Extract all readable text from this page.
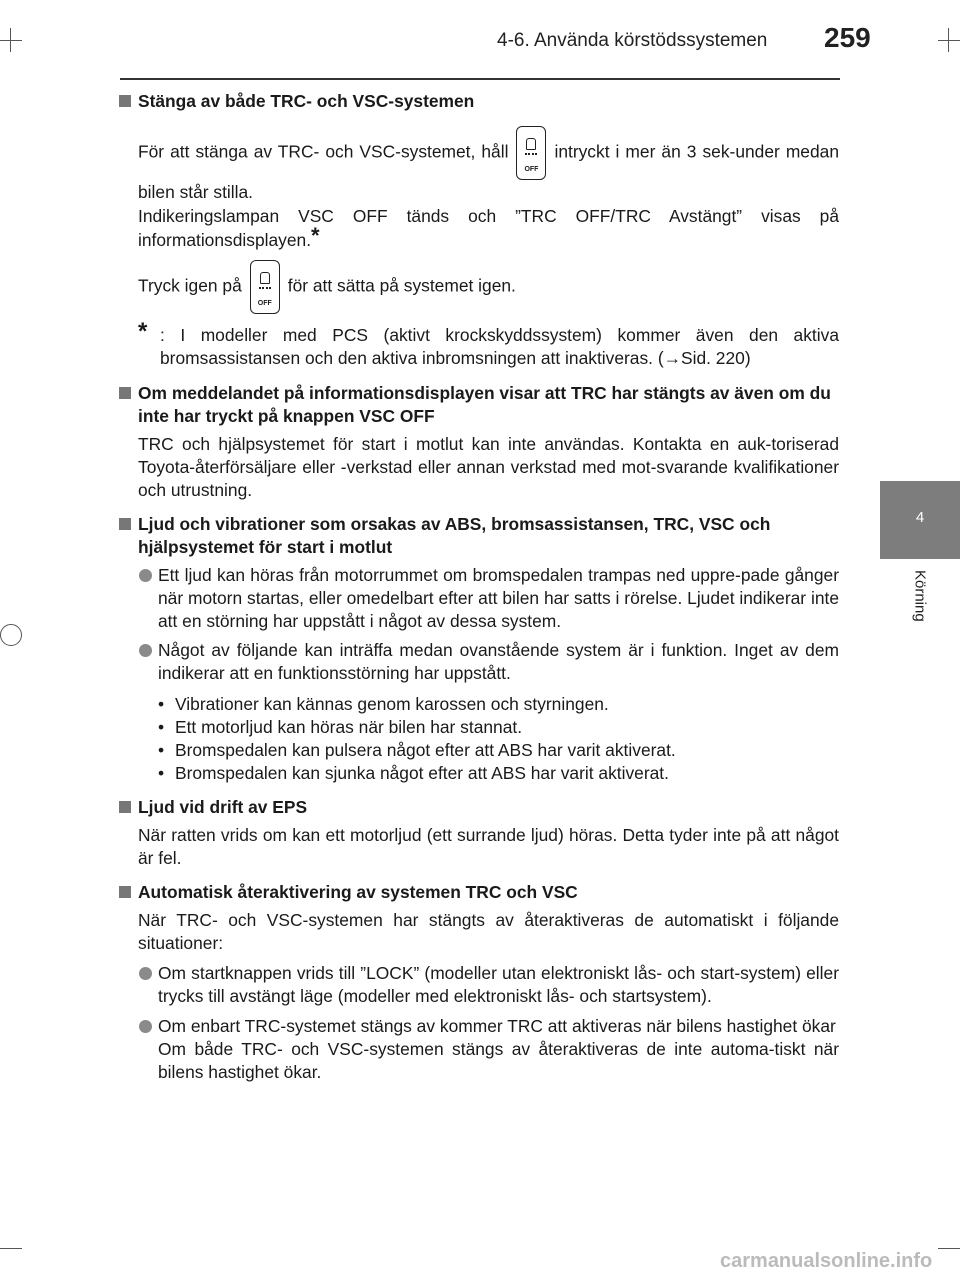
4-6. Använda körstödssystemen 259
4
Körning

Stänga av både TRC- och VSC-systemen

För att stänga av TRC- och VSC-systemet, håll
OFF
intryckt i mer än 3 sek-under medan bilen står stilla.

Indikeringslampan VSC OFF tänds och ”TRC OFF/TRC Avstängt” visas på informationsdisplayen.*

Tryck igen på
OFF
för att sätta på systemet igen.

* : I modeller med PCS (aktivt krockskyddssystem) kommer även den aktiva bromsassistansen och den aktiva inbromsningen att inaktiveras. (→Sid. 220)

Om meddelandet på informationsdisplayen visar att TRC har stängts av även om du inte har tryckt på knappen VSC OFF

TRC och hjälpsystemet för start i motlut kan inte användas. Kontakta en auk-toriserad Toyota-återförsäljare eller -verkstad eller annan verkstad med mot-svarande kvalifikationer och utrustning.

Ljud och vibrationer som orsakas av ABS, bromsassistansen, TRC, VSC och hjälpsystemet för start i motlut

Ett ljud kan höras från motorrummet om bromspedalen trampas ned uppre-pade gånger när motorn startas, eller omedelbart efter att bilen har satts i rörelse. Ljudet indikerar inte att en störning har uppstått i något av dessa system.

Något av följande kan inträffa medan ovanstående system är i funktion. Inget av dem indikerar att en funktionsstörning har uppstått.

• Vibrationer kan kännas genom karossen och styrningen.

• Ett motorljud kan höras när bilen har stannat.

• Bromspedalen kan pulsera något efter att ABS har varit aktiverat.

• Bromspedalen kan sjunka något efter att ABS har varit aktiverat.

Ljud vid drift av EPS

När ratten vrids om kan ett motorljud (ett surrande ljud) höras. Detta tyder inte på att något är fel.

Automatisk återaktivering av systemen TRC och VSC

När TRC- och VSC-systemen har stängts av återaktiveras de automatiskt i följande situationer:

Om startknappen vrids till ”LOCK” (modeller utan elektroniskt lås- och start-system) eller trycks till avstängt läge (modeller med elektroniskt lås- och startsystem).

Om enbart TRC-systemet stängs av kommer TRC att aktiveras när bilens hastighet ökar

Om både TRC- och VSC-systemen stängs av återaktiveras de inte automa-tiskt när bilens hastighet ökar.

carmanualsonline.info
